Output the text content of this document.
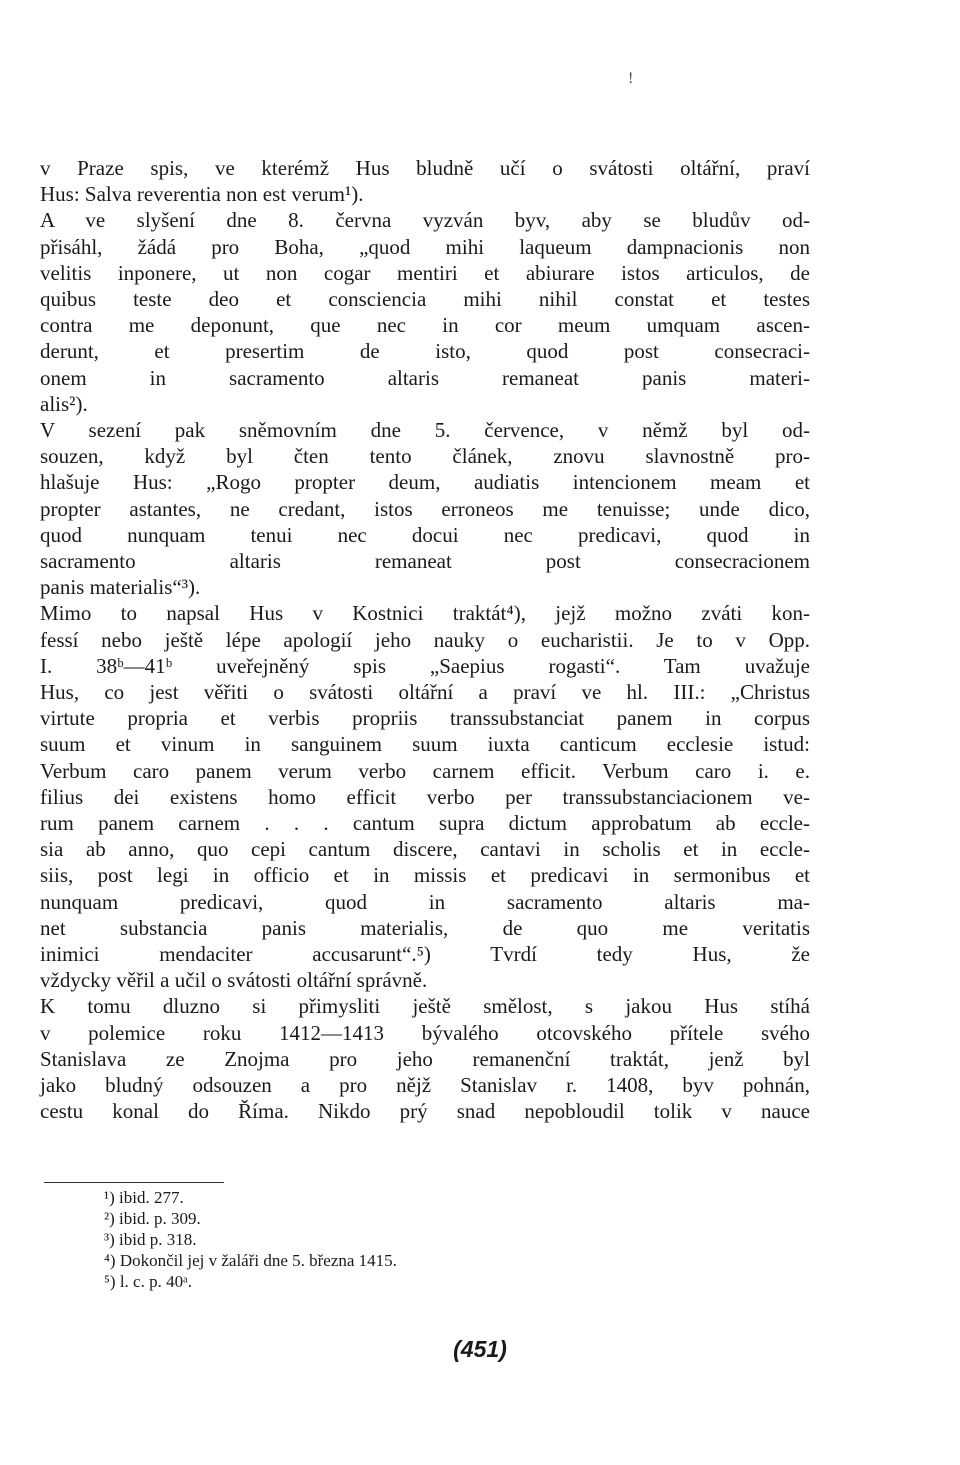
v Praze spis, ve kterémž Hus bludně učí o svátosti oltářní, praví
Hus: Salva reverentia non est verum¹).
A ve slyšení dne 8. června vyzván byv, aby se bludův od-
přisáhl, žádá pro Boha, „quod mihi laqueum dampnacionis non
velitis inponere, ut non cogar mentiri et abiurare istos articulos, de
quibus teste deo et consciencia mihi nihil constat et testes
contra me deponunt, que nec in cor meum umquam ascen-
derunt, et presertim de isto, quod post consecraci-
onem in sacramento altaris remaneat panis materi-
alis²).
V sezení pak sněmovním dne 5. července, v němž byl od-
souzen, když byl čten tento článek, znovu slavnostně pro-
hlašuje Hus: „Rogo propter deum, audiatis intencionem meam et
propter astantes, ne credant, istos erroneos me tenuisse; unde dico,
quod nunquam tenui nec docui nec predicavi, quod in
sacramento altaris remaneat post consecracionem
panis materialis“³).
Mimo to napsal Hus v Kostnici traktát⁴), jejž možno zváti kon-
fessí nebo ještě lépe apologií jeho nauky o eucharistii. Je to v Opp.
I. 38ᵇ—41ᵇ uveřejněný spis „Saepius rogasti“. Tam uvažuje
Hus, co jest věřiti o svátosti oltářní a praví ve hl. III.: „Christus
virtute propria et verbis propriis transsubstanciat panem in corpus
suum et vinum in sanguinem suum iuxta canticum ecclesie istud:
Verbum caro panem verum verbo carnem efficit. Verbum caro i. e.
filius dei existens homo efficit verbo per transsubstanciacionem ve-
rum panem carnem . . . cantum supra dictum approbatum ab eccle-
sia ab anno, quo cepi cantum discere, cantavi in scholis et in eccle-
siis, post legi in officio et in missis et predicavi in sermonibus et
nunquam predicavi, quod in sacramento altaris ma-
net substancia panis materialis, de quo me veritatis
inimici mendaciter accusarunt“.⁵) Tvrdí tedy Hus, že
vždycky věřil a učil o svátosti oltářní správně.
K tomu dluzno si přimysliti ještě smělost, s jakou Hus stíhá
v polemice roku 1412—1413 bývalého otcovského přítele svého
Stanislava ze Znojma pro jeho remanenční traktát, jenž byl
jako bludný odsouzen a pro nějž Stanislav r. 1408, byv pohnán,
cestu konal do Říma. Nikdo prý snad nepobloudil tolik v nauce
¹) ibid. 277.
²) ibid. p. 309.
³) ibid p. 318.
⁴) Dokončil jej v žaláři dne 5. března 1415.
⁵) l. c. p. 40ᵃ.
(451)
!
